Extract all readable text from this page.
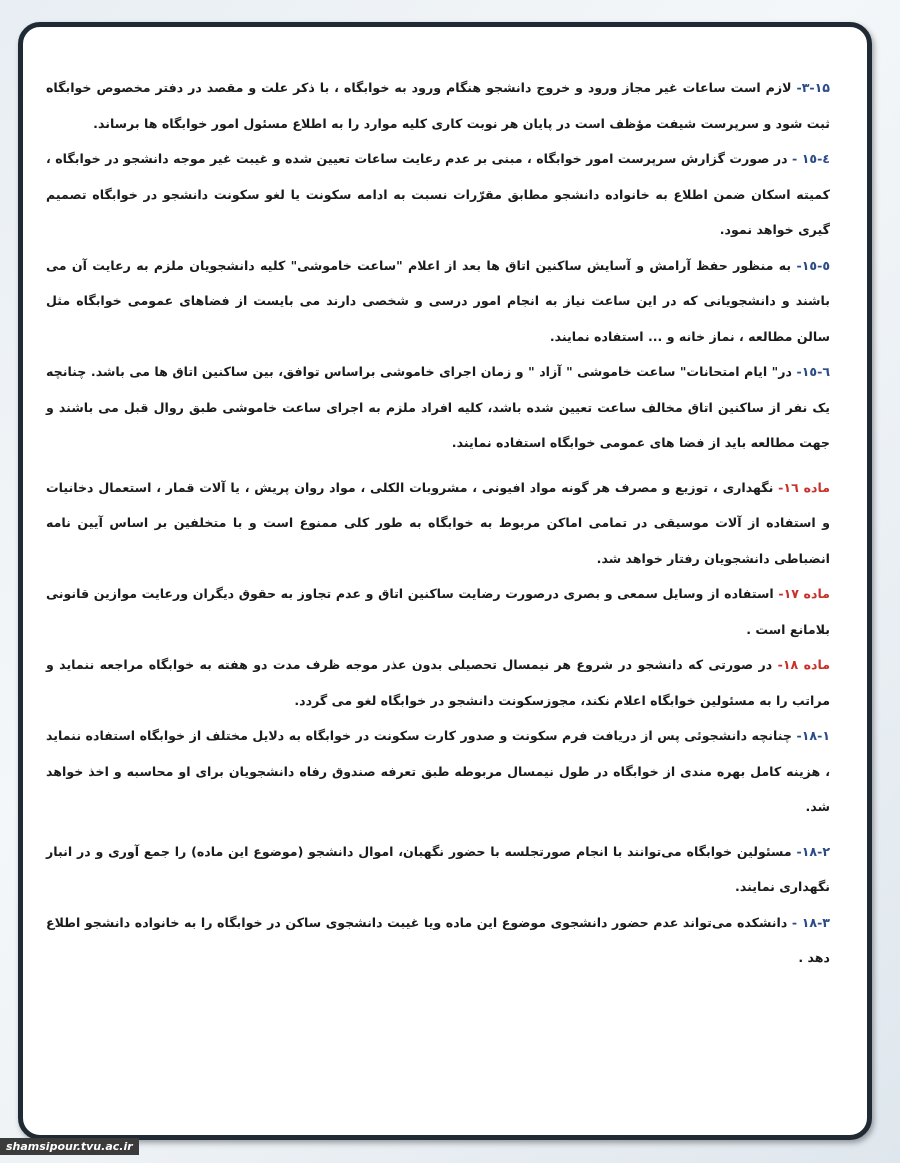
۳-۱۵- لازم است ساعات غیر مجاز ورود و خروج دانشجو هنگام ورود به خوابگاه ، با ذکر علت و مقصد در دفتر مخصوص خوابگاه ثبت شود و سرپرست شیفت مؤظف است در پایان هر نوبت کاری کلیه موارد را به اطلاع مسئول امور خوابگاه ها برساند.

٤-١٥ - در صورت گزارش سرپرست امور خوابگاه ، مبنی بر عدم رعایت ساعات تعیین شده و غیبت غیر موجه دانشجو در خوابگاه ، کمیته اسکان ضمن اطلاع به خانواده دانشجو مطابق مقرّرات نسبت به ادامه سکونت یا لغو سکونت دانشجو در خوابگاه تصمیم گیری خواهد نمود.

٥-١٥- به منظور حفظ آرامش و آسایش ساکنین اتاق ها بعد از اعلام "ساعت خاموشی" کلیه دانشجویان ملزم به رعایت آن می باشند و دانشجویانی که در این ساعت نیاز به انجام امور درسی و شخصی دارند می بایست از فضاهای عمومی خوابگاه مثل سالن مطالعه ، نماز خانه و ... استفاده نمایند.

٦-١٥- در" ایام امتحانات" ساعت خاموشی " آزاد " و زمان اجرای خاموشی براساس توافق، بین ساکنین اتاق ها می باشد. چنانچه یک نفر از ساکنین اتاق مخالف ساعت تعیین شده باشد، کلیه افراد ملزم به اجرای ساعت خاموشی طبق روال قبل می باشند و جهت مطالعه باید از فضا های عمومی خوابگاه استفاده نمایند.

ماده ١٦- نگهداری ، توزیع و مصرف هر گونه مواد افیونی ، مشروبات الکلی ، مواد روان پریش ، یا آلات قمار ، استعمال دخانیات و استفاده از آلات موسیقی در تمامی اماکن مربوط به خوابگاه به طور کلی ممنوع است و با متخلفین بر اساس آیین نامه انضباطی دانشجویان رفتار خواهد شد.

ماده ١٧- استفاده از وسایل سمعی و بصری درصورت رضایت ساکنین اتاق و عدم تجاوز به حقوق دیگران ورعایت موازین قانونی بلامانع است .

ماده ١٨- در صورتی که دانشجو در شروع هر نیمسال تحصیلی بدون عذر موجه ظرف مدت دو هفته به خوابگاه مراجعه ننماید و مراتب را به مسئولین خوابگاه اعلام نکند، مجوزسکونت دانشجو در خوابگاه لغو می گردد.

١-١٨- چنانچه دانشجوئی پس از دریافت فرم سکونت و صدور کارت سکونت در خوابگاه به دلایل مختلف از خوابگاه استفاده ننماید ، هزینه کامل بهره مندی از خوابگاه در طول نیمسال مربوطه طبق تعرفه صندوق رفاه دانشجویان برای او محاسبه و اخذ خواهد شد.

٢-١٨- مسئولین خوابگاه می‌توانند با انجام صورتجلسه با حضور نگهبان، اموال دانشجو (موضوع این ماده) را جمع آوری و در انبار نگهداری نمایند.

٣-١٨ - دانشکده می‌تواند عدم حضور دانشجوی موضوع این ماده ویا غیبت دانشجوی ساکن در خوابگاه را به خانواده دانشجو اطلاع دهد .

shamsipour.tvu.ac.ir
